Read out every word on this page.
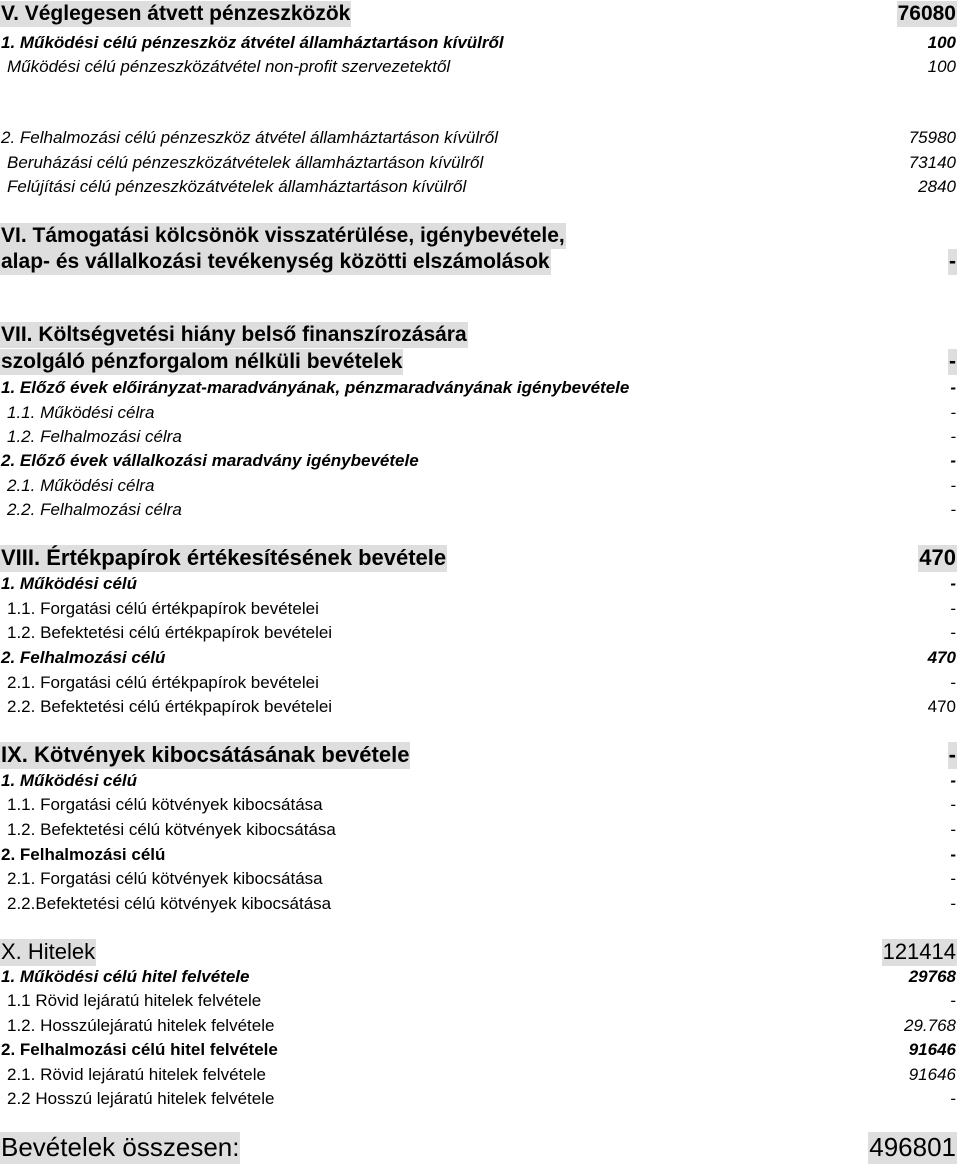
V. Véglegesen átvett pénzeszközök	76080
1. Működési célú pénzeszköz átvétel államháztartáson kívülről	100
Működési célú pénzeszközátvétel non-profit szervezetektől	100
2. Felhalmozási célú pénzeszköz átvétel államháztartáson kívülről	75980
Beruházási célú pénzeszközátvételek államháztartáson kívülről	73140
Felújítási célú pénzeszközátvételek államháztartáson kívülről	2840
VI. Támogatási kölcsönök visszatérülése, igénybevétele,
alap- és vállalkozási tevékenység közötti elszámolások	-
VII. Költségvetési hiány belső finanszírozására
szolgáló pénzforgalom nélküli bevételek	-
1. Előző évek előirányzat-maradványának, pénzmaradványának igénybevétele	-
1.1. Működési célra	-
1.2. Felhalmozási célra	-
2. Előző évek vállalkozási maradvány igénybevétele	-
2.1. Működési célra	-
2.2. Felhalmozási célra	-
VIII. Értékpapírok értékesítésének bevétele	470
1. Működési célú	-
1.1. Forgatási célú értékpapírok bevételei	-
1.2. Befektetési célú értékpapírok bevételei	-
2. Felhalmozási célú	470
2.1. Forgatási célú értékpapírok bevételei	-
2.2. Befektetési célú értékpapírok bevételei	470
IX. Kötvények kibocsátásának bevétele	-
1. Működési célú	-
1.1. Forgatási célú kötvények kibocsátása	-
1.2. Befektetési célú kötvények kibocsátása	-
2. Felhalmozási célú	-
2.1. Forgatási célú kötvények kibocsátása	-
2.2.Befektetési célú kötvények kibocsátása	-
X. Hitelek	121414
1. Működési célú hitel felvétele	29768
1.1 Rövid lejáratú hitelek felvétele	-
1.2. Hosszúlejáratú hitelek felvétele	29.768
2. Felhalmozási célú hitel felvétele	91646
2.1. Rövid lejáratú hitelek felvétele	91646
2.2 Hosszú lejáratú hitelek felvétele	-
Bevételek összesen:	496801
